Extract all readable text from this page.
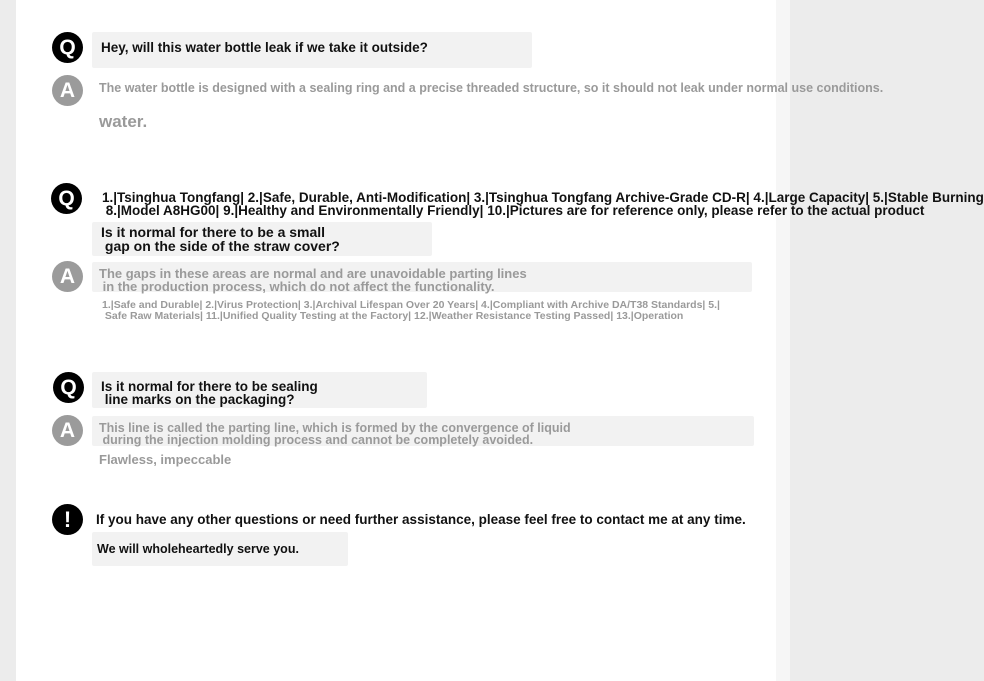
Q Hey, will this water bottle leak if we take it outside?
A The water bottle is designed with a sealing ring and a precise threaded structure, so it should not leak under normal use conditions.
water.
Q 1.|Tsinghua Tongfang| 2.|Safe, Durable, Anti-Modification| 3.|Tsinghua Tongfang Archive-Grade CD-R| 4.|Large Capacity| 5.|Stable Burning
8.|Model A8HG00| 9.|Healthy and Environmentally Friendly| 10.|Pictures are for reference only, please refer to the actual product
Is it normal for there to be a small
gap on the side of the straw cover?
A The gaps in these areas are normal and are unavoidable parting lines
in the production process, which do not affect the functionality.
1.|Safe and Durable| 2.|Virus Protection| 3.|Archival Lifespan Over 20 Years| 4.|Compliant with Archive DA/T38 Standards| 5.|
Safe Raw Materials| 11.|Unified Quality Testing at the Factory| 12.|Weather Resistance Testing Passed| 13.|Operation
Q Is it normal for there to be sealing
line marks on the packaging?
A This line is called the parting line, which is formed by the convergence of liquid
during the injection molding process and cannot be completely avoided.
Flawless, impeccable
! If you have any other questions or need further assistance, please feel free to contact me at any time.
We will wholeheartedly serve you.
